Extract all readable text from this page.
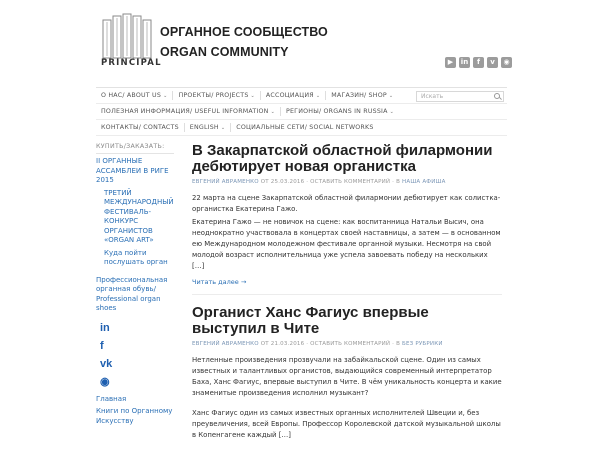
PRINCIPAL
ОРГАННОЕ СООБЩЕСТВО
ORGAN COMMUNITY
▶	in	f	v	◉
О НАС/ ABOUT US ⌄	ПРОЕКТЫ/ PROJECTS ⌄	АССОЦИАЦИЯ ⌄	МАГАЗИН/ SHOP ⌄	Искать
ПОЛЕЗНАЯ ИНФОРМАЦИЯ/ USEFUL INFORMATION ⌄	РЕГИОНЫ/ ORGANS IN RUSSIA ⌄
КОНТАКТЫ/ CONTACTS	ENGLISH ⌄	СОЦИАЛЬНЫЕ СЕТИ/ SOCIAL NETWORKS
КУПИТЬ/ЗАКАЗАТЬ:
II ОРГАННЫЕ АССАМБЛЕИ В РИГЕ 2015
ТРЕТИЙ МЕЖДУНАРОДНЫЙ ФЕСТИВАЛЬ-КОНКУРС ОРГАНИСТОВ «ORGAN ART»
Куда пойти послушать орган
Профессиональная органная обувь/ Professional organ shoes
in
f
vk
◉
Главная
Книги по Органному Искусству
В Закарпатской областной филармонии дебютирует новая органистка
ЕВГЕНИЙ АВРАМЕНКО ОТ 25.03.2016 · ОСТАВИТЬ КОММЕНТАРИЙ · В НАША АФИША

22 марта на сцене Закарпатской областной филармонии дебютирует как солистка-органистка Екатерина Гажо.

Екатерина Гажо — не новичок на сцене: как воспитанница Натальи Высич, она неоднократно участвовала в концертах своей наставницы, а затем — в основанном ею Международном молодежном фестивале органной музыки. Несмотря на свой молодой возраст исполнительница уже успела завоевать победу на нескольких […]

Читать далее →
Органист Ханс Фагиус впервые выступил в Чите
ЕВГЕНИЙ АВРАМЕНКО ОТ 21.03.2016 · ОСТАВИТЬ КОММЕНТАРИЙ · В БЕЗ РУБРИКИ

Нетленные произведения прозвучали на забайкальской сцене. Один из самых известных и талантливых органистов, выдающийся современный интерпретатор Баха, Ханс Фагиус, впервые выступил в Чите. В чём уникальность концерта и какие знаменитые произведения исполнил музыкант?

Ханс Фагиус один из самых известных органных исполнителей Швеции и, без преувеличения, всей Европы. Профессор Королевской датской музыкальной школы в Копенгагене каждый […]
